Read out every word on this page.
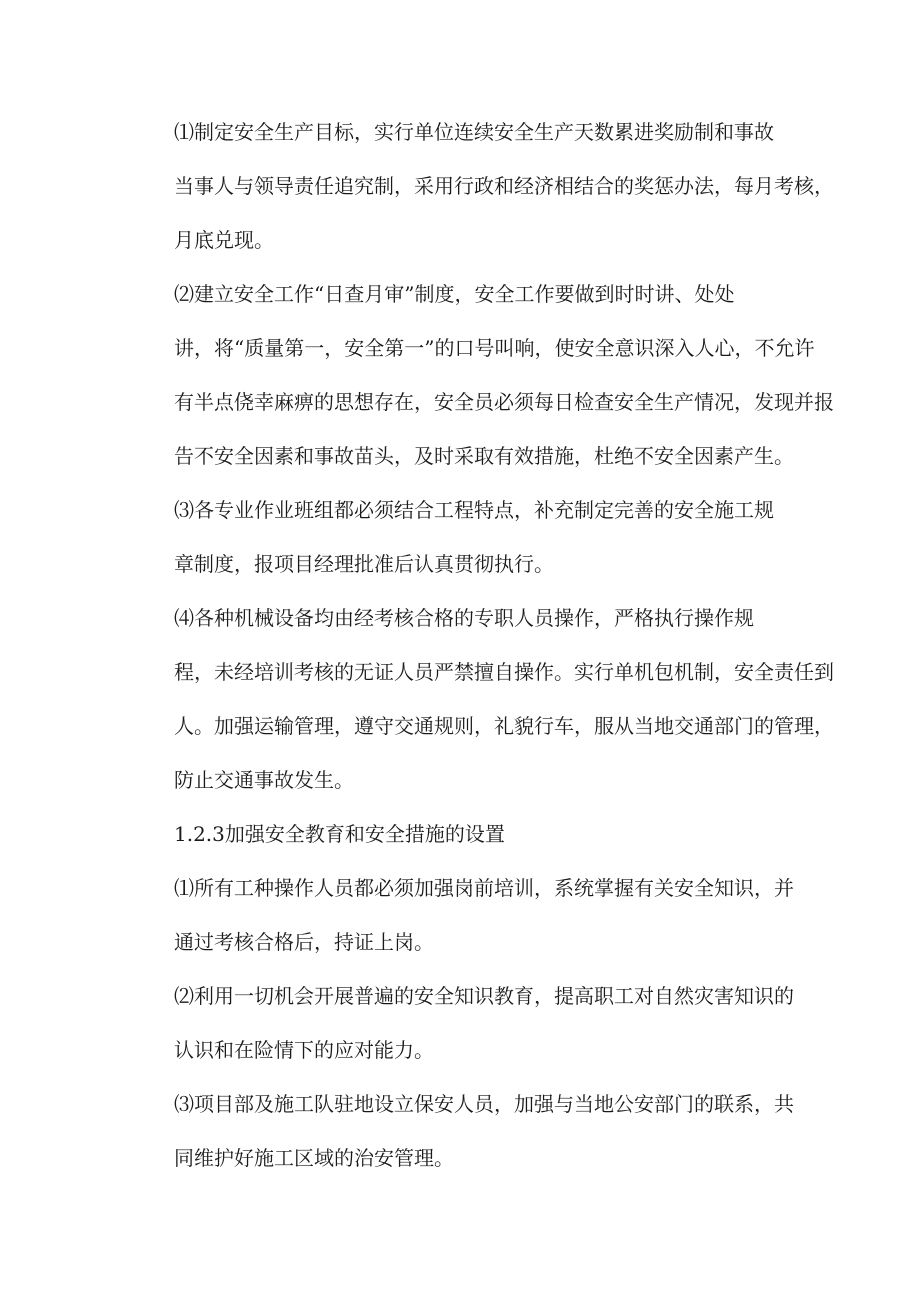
⑴制定安全生产目标，实行单位连续安全生产天数累进奖励制和事故

当事人与领导责任追究制，采用行政和经济相结合的奖惩办法，每月考核，

月底兑现。

⑵建立安全工作“日查月审”制度，安全工作要做到时时讲、处处

讲，将“质量第一，安全第一”的口号叫响，使安全意识深入人心，不允许

有半点侥幸麻痹的思想存在，安全员必须每日检查安全生产情况，发现并报

告不安全因素和事故苗头，及时采取有效措施，杜绝不安全因素产生。

⑶各专业作业班组都必须结合工程特点，补充制定完善的安全施工规

章制度，报项目经理批准后认真贯彻执行。

⑷各种机械设备均由经考核合格的专职人员操作，严格执行操作规

程，未经培训考核的无证人员严禁擅自操作。实行单机包机制，安全责任到

人。加强运输管理，遵守交通规则，礼貌行车，服从当地交通部门的管理，

防止交通事故发生。

1.2.3加强安全教育和安全措施的设置

⑴所有工种操作人员都必须加强岗前培训，系统掌握有关安全知识，并

通过考核合格后，持证上岗。

⑵利用一切机会开展普遍的安全知识教育，提高职工对自然灾害知识的

认识和在险情下的应对能力。

⑶项目部及施工队驻地设立保安人员，加强与当地公安部门的联系，共

同维护好施工区域的治安管理。
